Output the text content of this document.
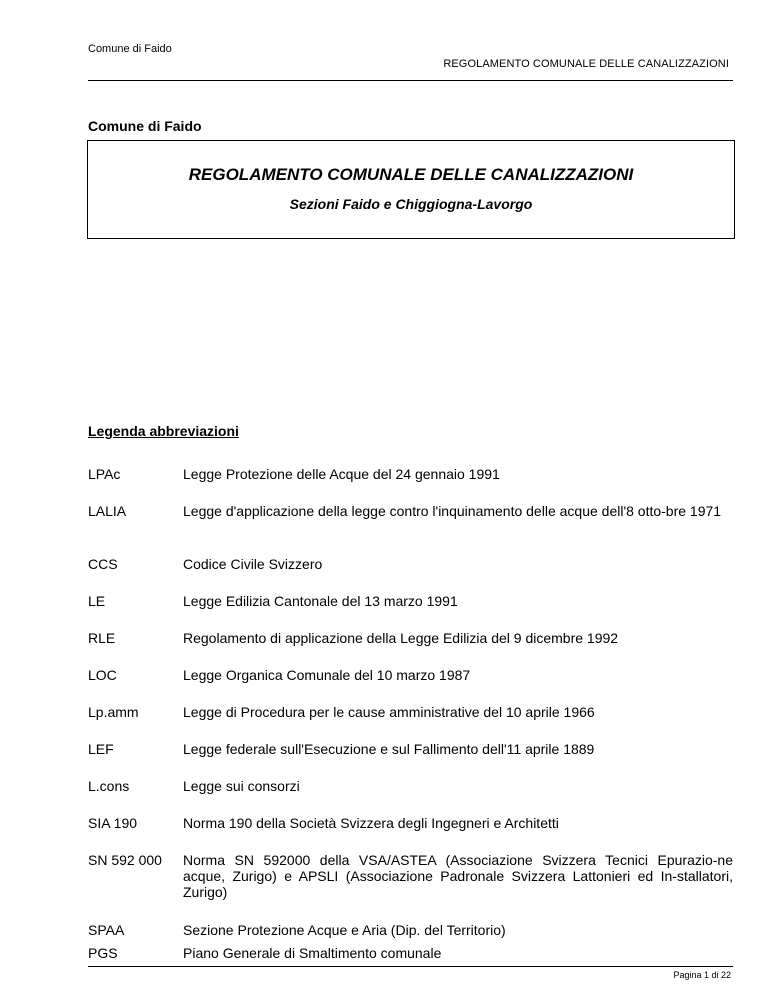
Comune di Faido
REGOLAMENTO COMUNALE DELLE CANALIZZAZIONI
Comune di Faido
REGOLAMENTO COMUNALE DELLE CANALIZZAZIONI
Sezioni Faido e Chiggiogna-Lavorgo
Legenda abbreviazioni
LPAc	Legge Protezione delle Acque del 24 gennaio 1991
LALIA	Legge d'applicazione della legge contro l'inquinamento delle acque dell'8 otto-bre 1971
CCS	Codice Civile Svizzero
LE	Legge Edilizia Cantonale del 13 marzo 1991
RLE	Regolamento di applicazione della Legge Edilizia del 9 dicembre 1992
LOC	Legge Organica Comunale del 10 marzo 1987
Lp.amm	Legge di Procedura per le cause amministrative del 10 aprile 1966
LEF	Legge federale sull'Esecuzione e sul Fallimento dell'11 aprile 1889
L.cons	Legge sui consorzi
SIA 190	Norma 190 della Società Svizzera degli Ingegneri e Architetti
SN 592 000	Norma SN 592000 della VSA/ASTEA (Associazione Svizzera Tecnici Epurazio-ne acque, Zurigo) e APSLI (Associazione Padronale Svizzera Lattonieri ed In-stallatori, Zurigo)
SPAA	Sezione Protezione Acque e Aria (Dip. del Territorio)
PGS	Piano Generale di Smaltimento comunale
Pagina 1 di 22
